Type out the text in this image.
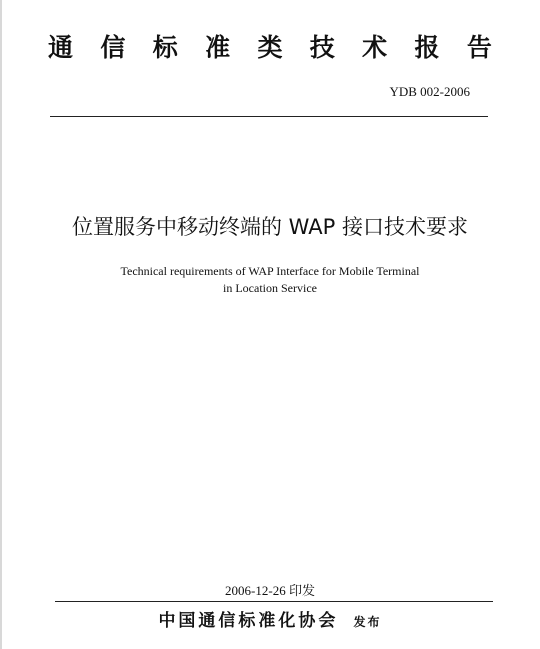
通 信 标 准 类 技 术 报 告
YDB 002-2006
位置服务中移动终端的 WAP 接口技术要求
Technical requirements of WAP Interface for Mobile Terminal
in Location Service
2006-12-26 印发
中国通信标准化协会 发布
